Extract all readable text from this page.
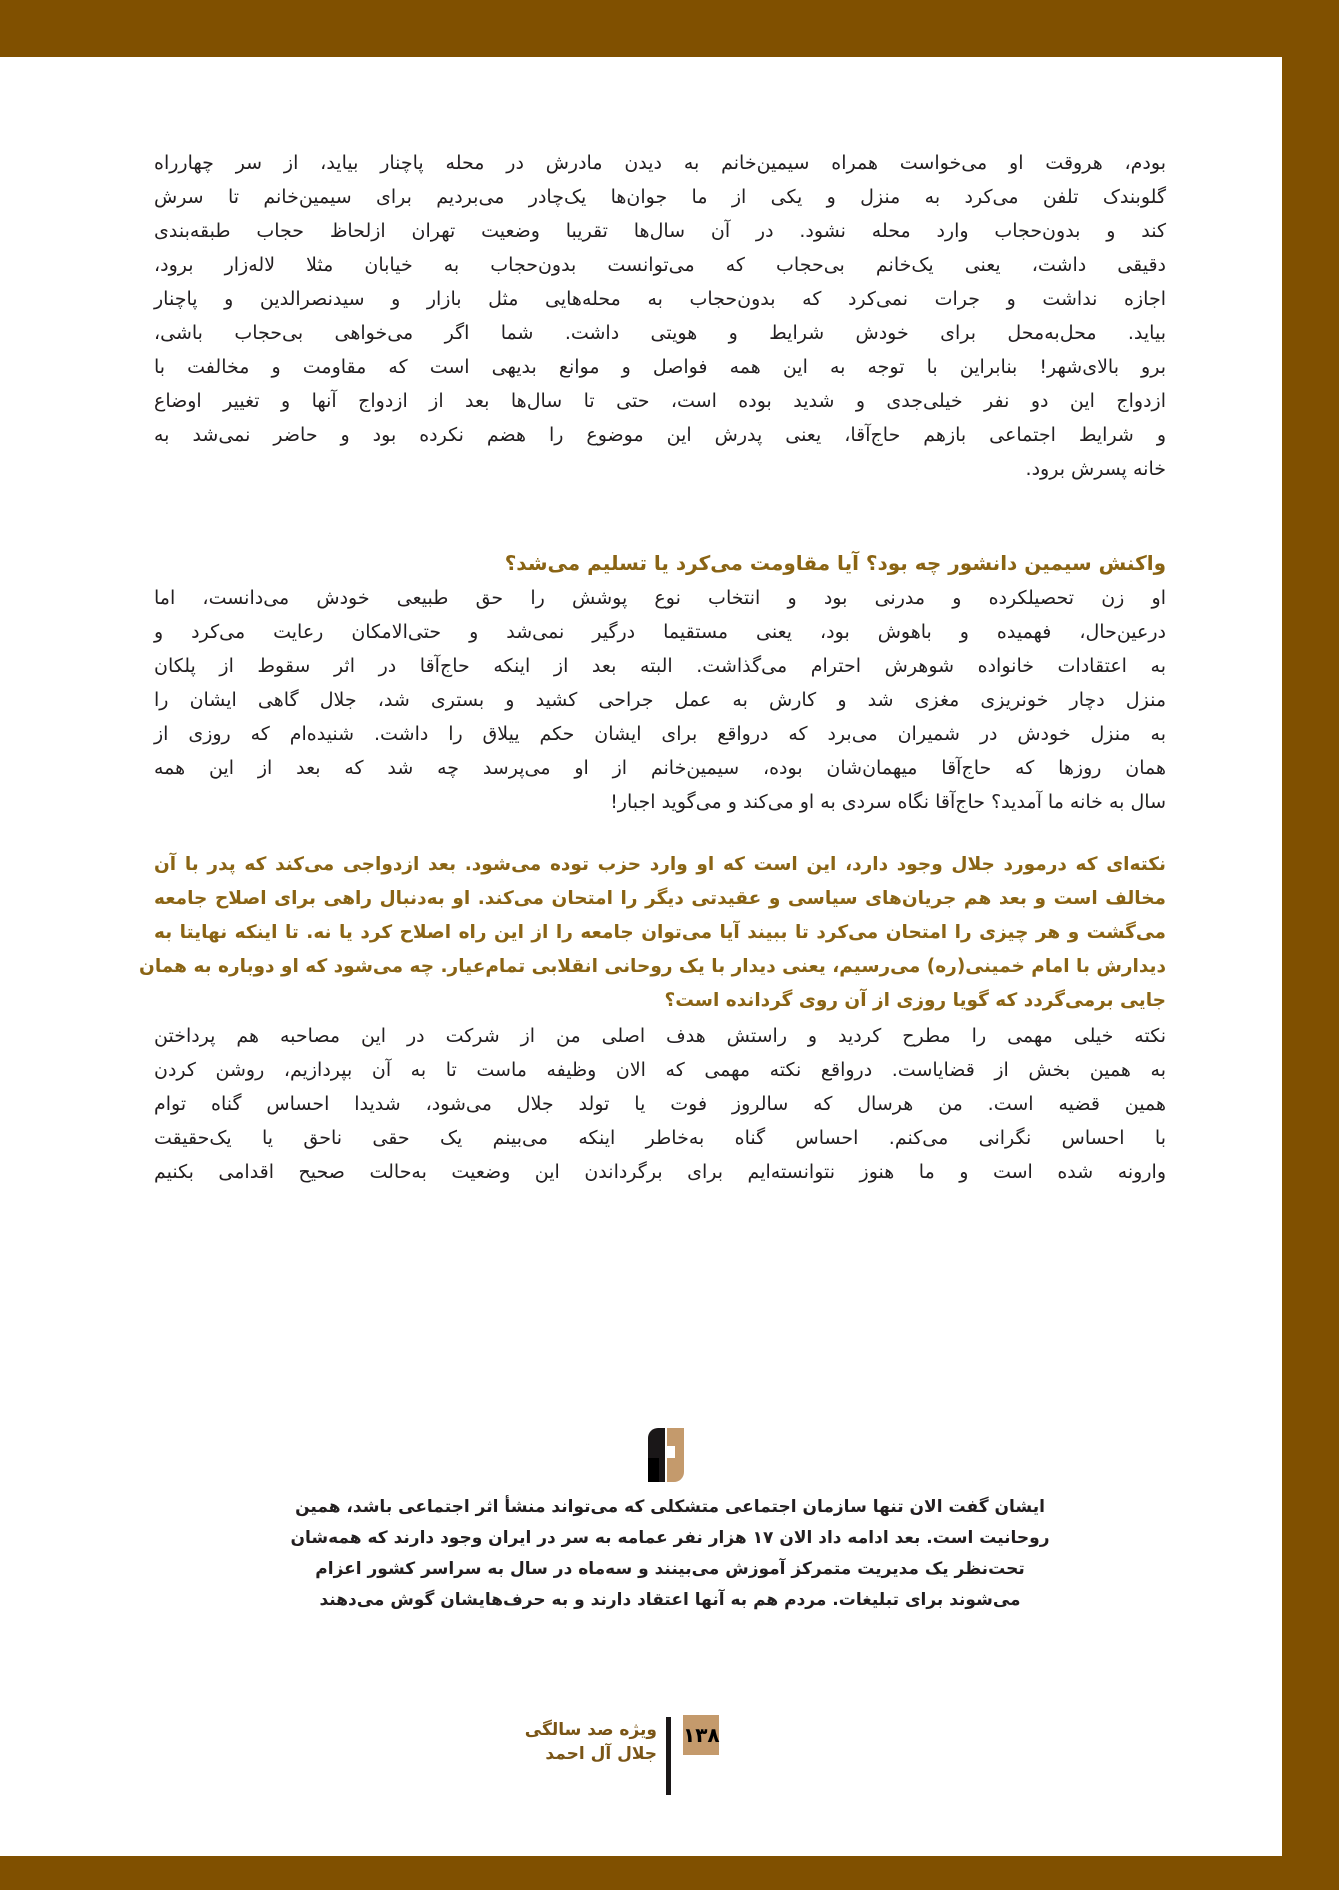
بودم، هروقت او می‌خواست همراه سیمین‌خانم به دیدن مادرش در محله پاچنار بیاید، از سر چهارراه
گلوبندک تلفن می‌کرد به منزل و یکی از ما جوان‌ها یک‌چادر می‌بردیم برای سیمین‌خانم تا سرش
کند و بدون‌حجاب وارد محله نشود. در آن سال‌ها تقریبا وضعیت تهران ازلحاظ حجاب طبقه‌بندی
دقیقی داشت، یعنی یک‌خانم بی‌حجاب که می‌توانست بدون‌حجاب به خیابان مثلا لاله‌زار برود،
اجازه نداشت و جرات نمی‌کرد که بدون‌حجاب به محله‌هایی مثل بازار و سیدنصرالدین و پاچنار
بیاید. محل‌به‌محل برای خودش شرایط و هویتی داشت. شما اگر می‌خواهی بی‌حجاب باشی،
برو بالای‌شهر! بنابراین با توجه به این همه فواصل و موانع بدیهی است که مقاومت و مخالفت با
ازدواج این دو نفر خیلی‌جدی و شدید بوده است، حتی تا سال‌ها بعد از ازدواج آنها و تغییر اوضاع
و شرایط اجتماعی بازهم حاج‌آقا، یعنی پدرش این موضوع را هضم نکرده بود و حاضر نمی‌شد به
خانه پسرش برود.
واکنش سیمین دانشور چه بود؟ آیا مقاومت می‌کرد یا تسلیم می‌شد؟
او زن تحصیلکرده و مدرنی بود و انتخاب نوع پوشش را حق طبیعی خودش می‌دانست، اما
درعین‌حال، فهمیده و باهوش بود، یعنی مستقیما درگیر نمی‌شد و حتی‌الامکان رعایت می‌کرد و
به اعتقادات خانواده شوهرش احترام می‌گذاشت. البته بعد از اینکه حاج‌آقا در اثر سقوط از پلکان
منزل دچار خونریزی مغزی شد و کارش به عمل جراحی کشید و بستری شد، جلال گاهی ایشان را
به منزل خودش در شمیران می‌برد که درواقع برای ایشان حکم ییلاق را داشت. شنیده‌ام که روزی از
همان روزها که حاج‌آقا میهمان‌شان بوده، سیمین‌خانم از او می‌پرسد چه شد که بعد از این همه
سال به خانه ما آمدید؟ حاج‌آقا نگاه سردی به او می‌کند و می‌گوید اجبار!
نکته‌ای که درمورد جلال وجود دارد، این است که او وارد حزب توده می‌شود. بعد ازدواجی می‌کند که پدر با آن
مخالف است و بعد هم جریان‌های سیاسی و عقیدتی دیگر را امتحان می‌کند. او به‌دنبال راهی برای اصلاح جامعه
می‌گشت و هر چیزی را امتحان می‌کرد تا ببیند آیا می‌توان جامعه را از این راه اصلاح کرد یا نه. تا اینکه نهایتا به
دیدارش با امام خمینی(ره) می‌رسیم، یعنی دیدار با یک روحانی انقلابی تمام‌عیار. چه می‌شود که او دوباره به همان
جایی برمی‌گردد که گویا روزی از آن روی گردانده است؟
نکته خیلی مهمی را مطرح کردید و راستش هدف اصلی من از شرکت در این مصاحبه هم پرداختن
به همین بخش از قضایاست. درواقع نکته مهمی که الان وظیفه ماست تا به آن بپردازیم، روشن کردن
همین قضیه است. من هرسال که سالروز فوت یا تولد جلال می‌شود، شدیدا احساس گناه توام
با احساس نگرانی می‌کنم. احساس گناه به‌خاطر اینکه می‌بینم یک حقی ناحق یا یک‌حقیقت
وارونه شده است و ما هنوز نتوانسته‌ایم برای برگرداندن این وضعیت به‌حالت صحیح اقدامی بکنیم
ایشان گفت الان تنها سازمان اجتماعی متشکلی که می‌تواند منشأ اثر اجتماعی باشد، همین
روحانیت است. بعد ادامه داد الان ۱۷ هزار نفر عمامه به سر در ایران وجود دارند که همه‌شان
تحت‌نظر یک مدیریت متمرکز آموزش می‌بینند و سه‌ماه در سال به سراسر کشور اعزام
می‌شوند برای تبلیغات. مردم هم به آنها اعتقاد دارند و به حرف‌هایشان گوش می‌دهند
۱۳۸
ویژه صد سالگی
جلال آل احمد
